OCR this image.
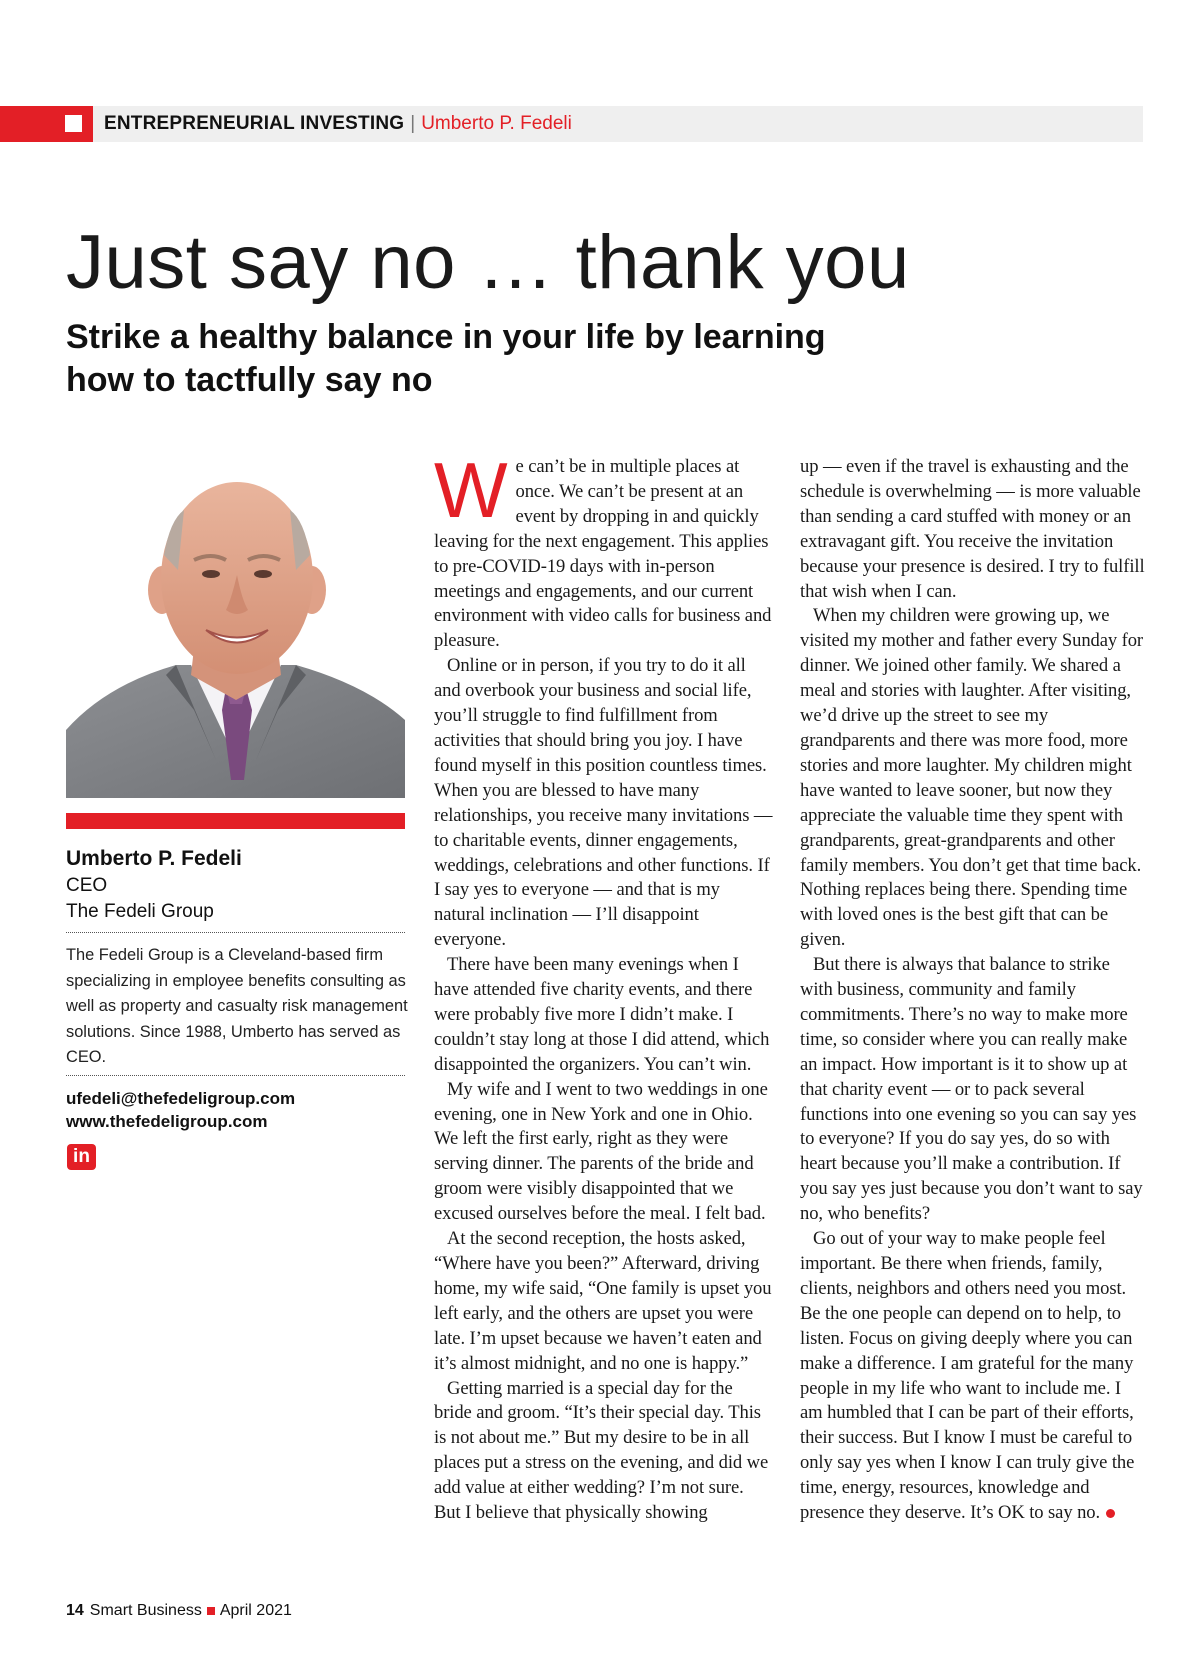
ENTREPRENEURIAL INVESTING | Umberto P. Fedeli
Just say no … thank you
Strike a healthy balance in your life by learning how to tactfully say no
Umberto P. Fedeli
CEO
The Fedeli Group

The Fedeli Group is a Cleveland-based firm specializing in employee benefits consulting as well as property and casualty risk management solutions. Since 1988, Umberto has served as CEO.

ufedeli@thefedeligroup.com
www.thefedeligroup.com
in

We can’t be in multiple places at once. We can’t be present at an event by dropping in and quickly leaving for the next engagement. This applies to pre-COVID-19 days with in-person meetings and engagements, and our current environment with video calls for business and pleasure.

Online or in person, if you try to do it all and overbook your business and social life, you’ll struggle to find fulfillment from activities that should bring you joy. I have found myself in this position countless times. When you are blessed to have many relationships, you receive many invitations — to charitable events, dinner engagements, weddings, celebrations and other functions. If I say yes to everyone — and that is my natural inclination — I’ll disappoint everyone.

There have been many evenings when I have attended five charity events, and there were probably five more I didn’t make. I couldn’t stay long at those I did attend, which disappointed the organizers. You can’t win.

My wife and I went to two weddings in one evening, one in New York and one in Ohio. We left the first early, right as they were serving dinner. The parents of the bride and groom were visibly disappointed that we excused ourselves before the meal. I felt bad.

At the second reception, the hosts asked, “Where have you been?” Afterward, driving home, my wife said, “One family is upset you left early, and the others are upset you were late. I’m upset because we haven’t eaten and it’s almost midnight, and no one is happy.”

Getting married is a special day for the bride and groom. “It’s their special day. This is not about me.” But my desire to be in all places put a stress on the evening, and did we add value at either wedding? I’m not sure. But I believe that physically showing

up — even if the travel is exhausting and the schedule is overwhelming — is more valuable than sending a card stuffed with money or an extravagant gift. You receive the invitation because your presence is desired. I try to fulfill that wish when I can.

When my children were growing up, we visited my mother and father every Sunday for dinner. We joined other family. We shared a meal and stories with laughter. After visiting, we’d drive up the street to see my grandparents and there was more food, more stories and more laughter. My children might have wanted to leave sooner, but now they appreciate the valuable time they spent with grandparents, great-grandparents and other family members. You don’t get that time back. Nothing replaces being there. Spending time with loved ones is the best gift that can be given.

But there is always that balance to strike with business, community and family commitments. There’s no way to make more time, so consider where you can really make an impact. How important is it to show up at that charity event — or to pack several functions into one evening so you can say yes to everyone? If you do say yes, do so with heart because you’ll make a contribution. If you say yes just because you don’t want to say no, who benefits?

Go out of your way to make people feel important. Be there when friends, family, clients, neighbors and others need you most. Be the one people can depend on to help, to listen. Focus on giving deeply where you can make a difference. I am grateful for the many people in my life who want to include me. I am humbled that I can be part of their efforts, their success. But I know I must be careful to only say yes when I know I can truly give the time, energy, resources, knowledge and presence they deserve. It’s OK to say no.

14 Smart Business April 2021
